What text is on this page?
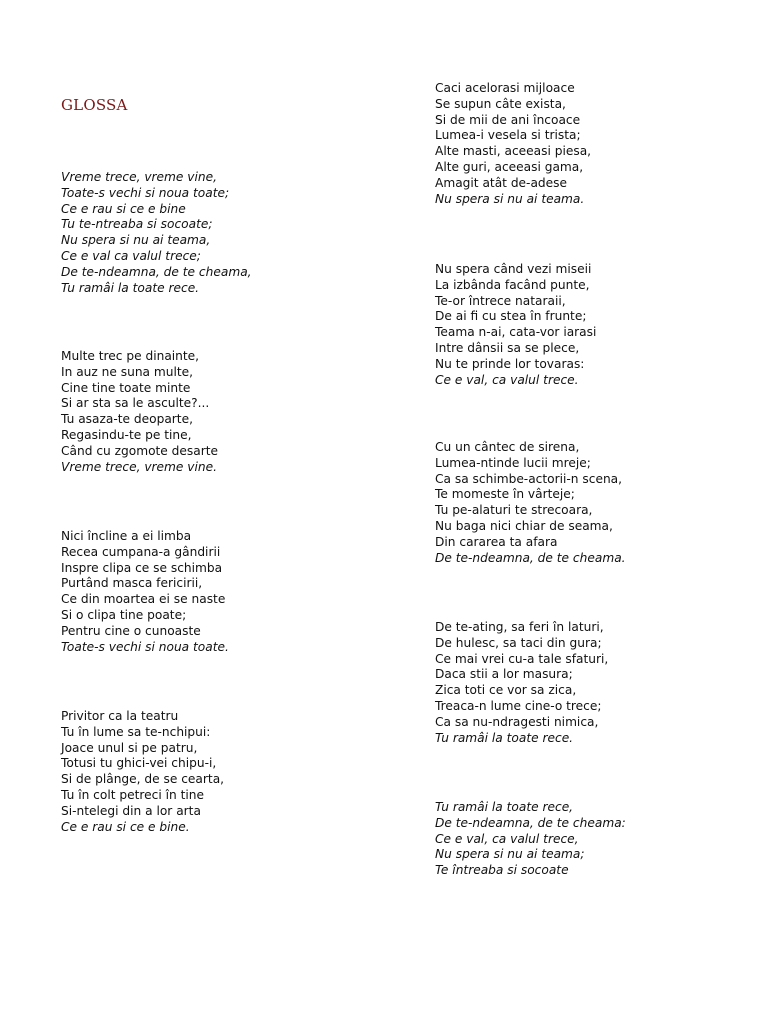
GLOSSA
Vreme trece, vreme vine,
Toate-s vechi si noua toate;
Ce e rau si ce e bine
Tu te-ntreaba si socoate;
Nu spera si nu ai teama,
Ce e val ca valul trece;
De te-ndeamna, de te cheama,
Tu ramâi la toate rece.
Multe trec pe dinainte,
In auz ne suna multe,
Cine tine toate minte
Si ar sta sa le asculte?...
Tu asaza-te deoparte,
Regasindu-te pe tine,
Când cu zgomote desarte
Vreme trece, vreme vine.
Nici încline a ei limba
Recea cumpana-a gândirii
Inspre clipa ce se schimba
Purtând masca fericirii,
Ce din moartea ei se naste
Si o clipa tine poate;
Pentru cine o cunoaste
Toate-s vechi si noua toate.
Privitor ca la teatru
Tu în lume sa te-nchipui:
Joace unul si pe patru,
Totusi tu ghici-vei chipu-i,
Si de plânge, de se cearta,
Tu în colt petreci în tine
Si-ntelegi din a lor arta
Ce e rau si ce e bine.
Caci acelorasi mijloace
Se supun câte exista,
Si de mii de ani încoace
Lumea-i vesela si trista;
Alte masti, aceeasi piesa,
Alte guri, aceeasi gama,
Amagit atât de-adese
Nu spera si nu ai teama.
Nu spera când vezi miseii
La izbânda facând punte,
Te-or întrece nataraii,
De ai fi cu stea în frunte;
Teama n-ai, cata-vor iarasi
Intre dânsii sa se plece,
Nu te prinde lor tovaras:
Ce e val, ca valul trece.
Cu un cântec de sirena,
Lumea-ntinde lucii mreje;
Ca sa schimbe-actorii-n scena,
Te momeste în vârteje;
Tu pe-alaturi te strecoara,
Nu baga nici chiar de seama,
Din cararea ta afara
De te-ndeamna, de te cheama.
De te-ating, sa feri în laturi,
De hulesc, sa taci din gura;
Ce mai vrei cu-a tale sfaturi,
Daca stii a lor masura;
Zica toti ce vor sa zica,
Treaca-n lume cine-o trece;
Ca sa nu-ndragesti nimica,
Tu ramâi la toate rece.
Tu ramâi la toate rece,
De te-ndeamna, de te cheama:
Ce e val, ca valul trece,
Nu spera si nu ai teama;
Te întreaba si socoate
